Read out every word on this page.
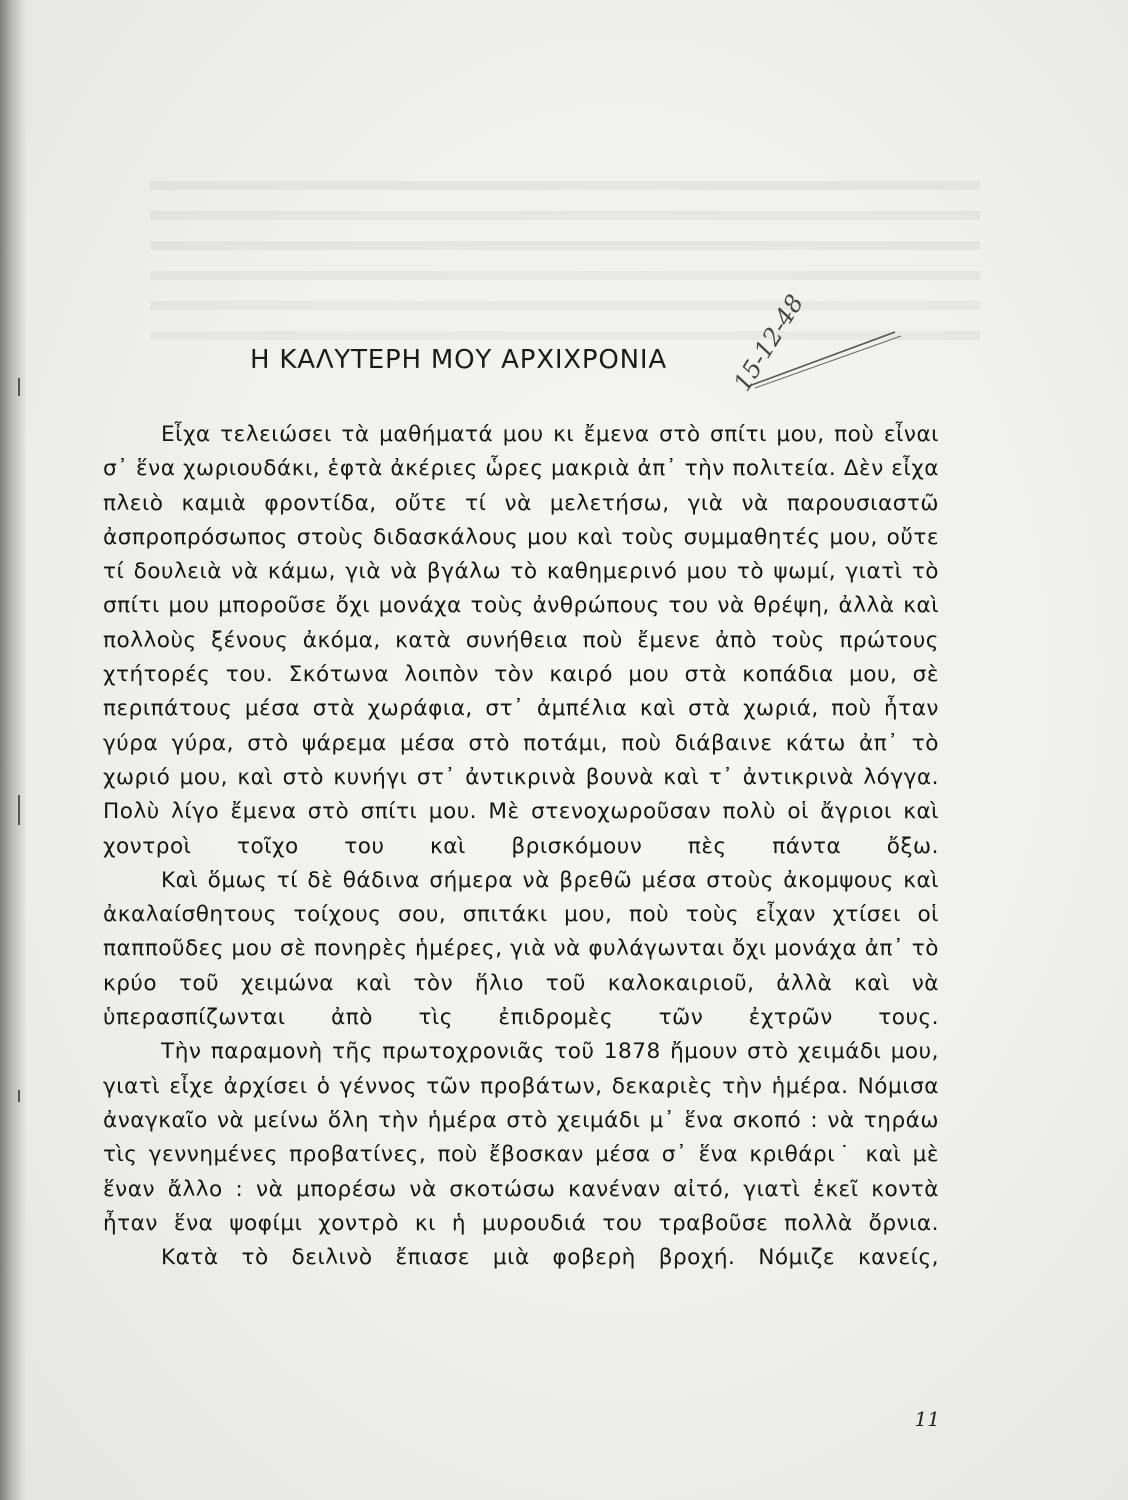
Η ΚΑΛΥΤΕΡΗ ΜΟΥ ΑΡΧΙΧΡΟΝΙΑ	15-12-48

Εἶχα τελειώσει τὰ μαθήματά μου κι ἔμενα στὸ σπίτι μου, ποὺ εἶναι σ᾽ ἕνα χωριουδάκι, ἑφτὰ ἀκέριες ὧρες μακριὰ ἀπ᾽ τὴν πολιτεία. Δὲν εἶχα πλειὸ καμιὰ φροντίδα, οὔτε τί νὰ μελετήσω, γιὰ νὰ παρουσιαστῶ ἀσπροπρόσωπος στοὺς διδασκάλους μου καὶ τοὺς συμμαθητές μου, οὔτε τί δουλειὰ νὰ κάμω, γιὰ νὰ βγάλω τὸ καθημερινό μου τὸ ψωμί, γιατὶ τὸ σπίτι μου μποροῦσε ὄχι μονάχα τοὺς ἀνθρώπους του νὰ θρέψη, ἀλλὰ καὶ πολλοὺς ξένους ἀκόμα, κατὰ συνήθεια ποὺ ἔμενε ἀπὸ τοὺς πρώτους χτήτορές του. Σκότωνα λοιπὸν τὸν καιρό μου στὰ κοπάδια μου, σὲ περιπάτους μέσα στὰ χωράφια, στ᾽ ἀμπέλια καὶ στὰ χωριά, ποὺ ἦταν γύρα γύρα, στὸ ψάρεμα μέσα στὸ ποτάμι, ποὺ διάβαινε κάτω ἀπ᾽ τὸ χωριό μου, καὶ στὸ κυνήγι στ᾽ ἀντικρινὰ βουνὰ καὶ τ᾽ ἀντικρινὰ λόγγα. Πολὺ λίγο ἔμενα στὸ σπίτι μου. Μὲ στενοχωροῦσαν πολὺ οἱ ἄγριοι καὶ χοντροὶ τοῖχο του καὶ βρισκόμουν πὲς πάντα ὄξω.

Καὶ ὅμως τί δὲ θάδινα σήμερα νὰ βρεθῶ μέσα στοὺς ἀκομψους καὶ ἀκαλαίσθητους τοίχους σου, σπιτάκι μου, ποὺ τοὺς εἶχαν χτίσει οἱ παπποῦδες μου σὲ πονηρὲς ἡμέρες, γιὰ νὰ φυλάγωνται ὄχι μονάχα ἀπ᾽ τὸ κρύο τοῦ χειμώνα καὶ τὸν ἥλιο τοῦ καλοκαιριοῦ, ἀλλὰ καὶ νὰ ὑπερασπίζωνται ἀπὸ τὶς ἐπιδρομὲς τῶν ἐχτρῶν τους.

Τὴν παραμονὴ τῆς πρωτοχρονιᾶς τοῦ 1878 ἤμουν στὸ χειμάδι μου, γιατὶ εἶχε ἀρχίσει ὁ γέννος τῶν προβάτων, δεκαριὲς τὴν ἡμέρα. Νόμισα ἀναγκαῖο νὰ μείνω ὅλη τὴν ἡμέρα στὸ χειμάδι μ᾽ ἕνα σκοπό : νὰ τηράω τὶς γεννημένες προβατίνες, ποὺ ἔβοσκαν μέσα σ᾽ ἕνα κριθάρι˙ καὶ μὲ ἕναν ἄλλο : νὰ μπορέσω νὰ σκοτώσω κανέναν αἰτό, γιατὶ ἐκεῖ κοντὰ ἦταν ἕνα ψοφίμι χοντρὸ κι ἡ μυρουδιά του τραβοῦσε πολλὰ ὄρνια.

Κατὰ τὸ δειλινὸ ἔπιασε μιὰ φοβερὴ βροχή. Νόμιζε κανείς,

11
